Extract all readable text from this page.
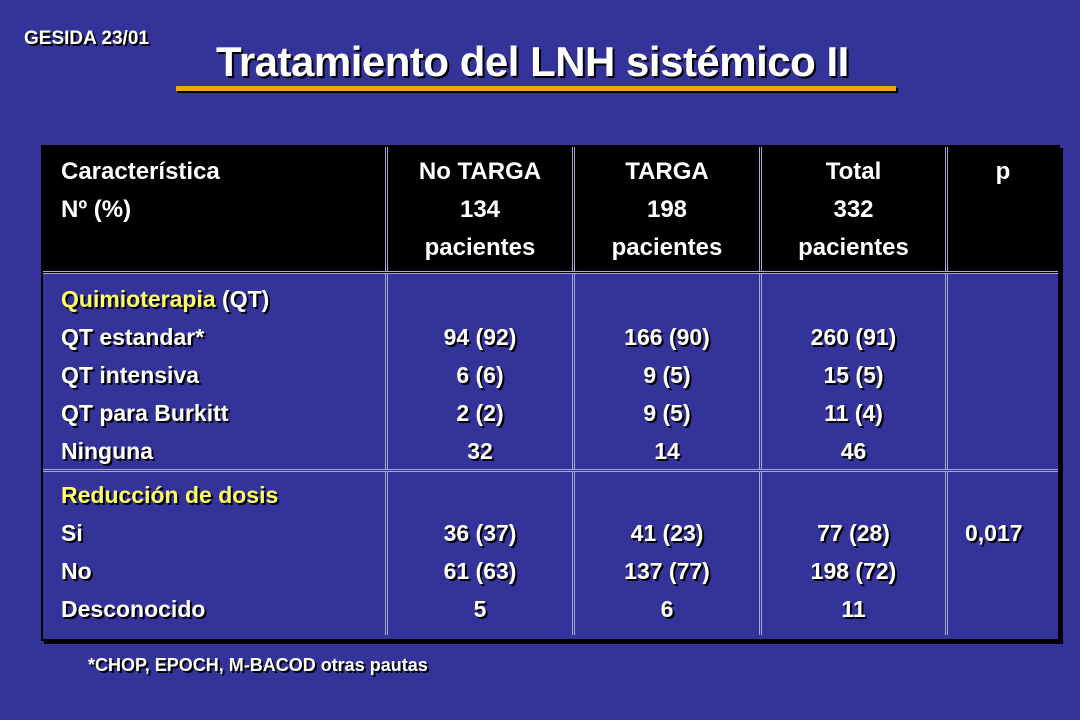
GESIDA 23/01 Tratamiento del LNH sistémico II
Característica
Nº (%)
No TARGA
134
pacientes
TARGA
198
pacientes
Total
332
pacientes
p
Quimioterapia (QT)
QT estandar*
QT intensiva
QT para Burkitt
Ninguna
94 (92)
6 (6)
2 (2)
32
166 (90)
9 (5)
9 (5)
14
260 (91)
15 (5)
11 (4)
46
Reducción de dosis
Si
No
Desconocido
36 (37)
61 (63)
5
41 (23)
137 (77)
6
77 (28)
198 (72)
11
0,017
*CHOP, EPOCH, M-BACOD otras pautas
